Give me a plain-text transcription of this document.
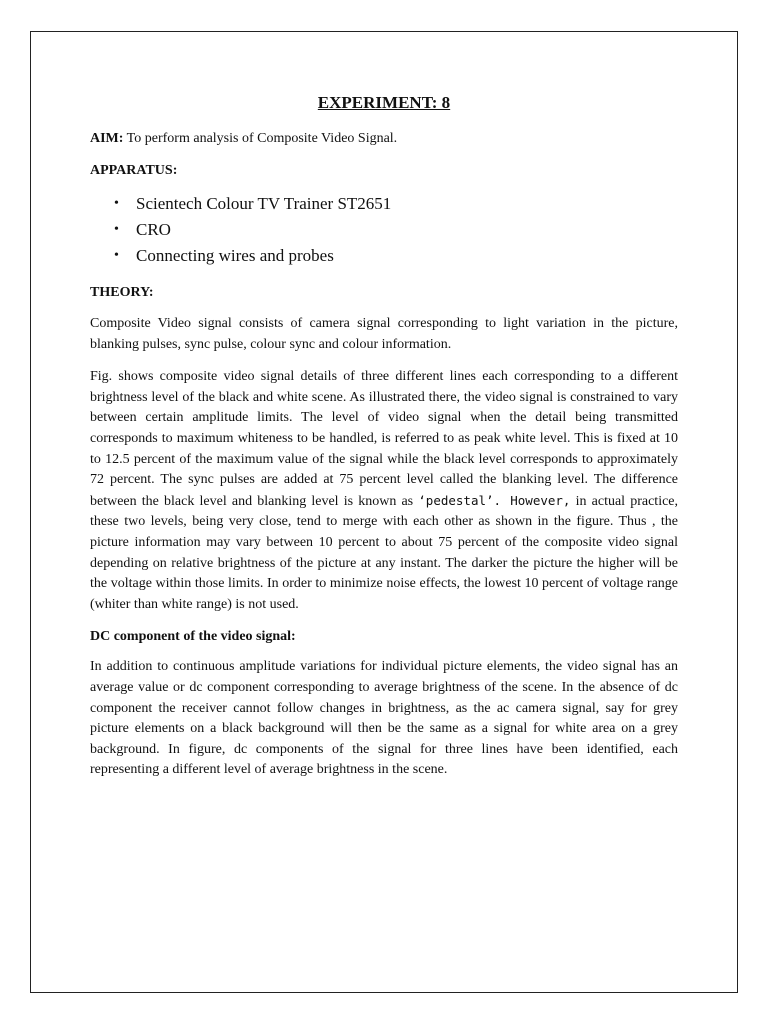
EXPERIMENT: 8

AIM: To perform analysis of Composite Video Signal.

APPARATUS:
• Scientech Colour TV Trainer ST2651
• CRO
• Connecting wires and probes
THEORY:

Composite Video signal consists of camera signal corresponding to light variation in the picture, blanking pulses, sync pulse, colour sync and colour information.

Fig. shows composite video signal details of three different lines each corresponding to a different brightness level of the black and white scene. As illustrated there, the video signal is constrained to vary between certain amplitude limits. The level of video signal when the detail being transmitted corresponds to maximum whiteness to be handled, is referred to as peak white level. This is fixed at 10 to 12.5 percent of the maximum value of the signal while the black level corresponds to approximately 72 percent. The sync pulses are added at 75 percent level called the blanking level. The difference between the black level and blanking level is known as ‘pedestal’. However, in actual practice, these two levels, being very close, tend to merge with each other as shown in the figure. Thus , the picture information may vary between 10 percent to about 75 percent of the composite video signal depending on relative brightness of the picture at any instant. The darker the picture the higher will be the voltage within those limits. In order to minimize noise effects, the lowest 10 percent of voltage range (whiter than white range) is not used.

DC component of the video signal:

In addition to continuous amplitude variations for individual picture elements, the video signal has an average value or dc component corresponding to average brightness of the scene. In the absence of dc component the receiver cannot follow changes in brightness, as the ac camera signal, say for grey picture elements on a black background will then be the same as a signal for white area on a grey background. In figure, dc components of the signal for three lines have been identified, each representing a different level of average brightness in the scene.
